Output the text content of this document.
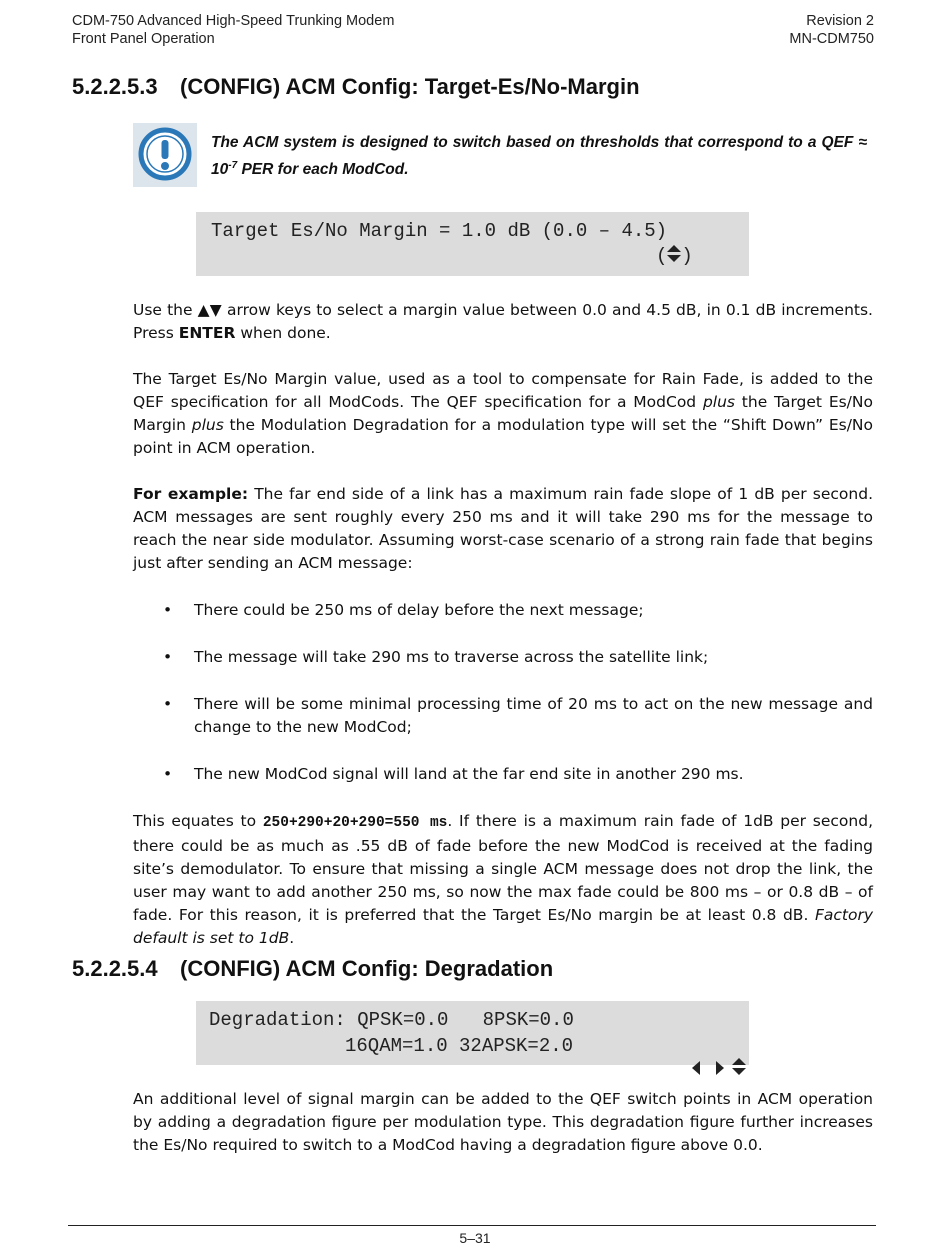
CDM-750 Advanced High-Speed Trunking Modem
Front Panel Operation
Revision 2
MN-CDM750
5.2.2.5.3 (CONFIG) ACM Config: Target-Es/No-Margin
The ACM system is designed to switch based on thresholds that correspond to a QEF ≈ $10^{-7}$ PER for each ModCod.
Target Es/No Margin = 1.0 dB (0.0 – 4.5)
( )

Use the ▲▼ arrow keys to select a margin value between 0.0 and 4.5 dB, in 0.1 dB increments. Press ENTER when done.

The Target Es/No Margin value, used as a tool to compensate for Rain Fade, is added to the QEF specification for all ModCods. The QEF specification for a ModCod plus the Target Es/No Margin plus the Modulation Degradation for a modulation type will set the “Shift Down” Es/No point in ACM operation.

For example: The far end side of a link has a maximum rain fade slope of 1 dB per second. ACM messages are sent roughly every 250 ms and it will take 290 ms for the message to reach the near side modulator. Assuming worst-case scenario of a strong rain fade that begins just after sending an ACM message:

• There could be 250 ms of delay before the next message;
• The message will take 290 ms to traverse across the satellite link;
• There will be some minimal processing time of 20 ms to act on the new message and change to the new ModCod;
• The new ModCod signal will land at the far end site in another 290 ms.

This equates to 250+290+20+290=550 ms. If there is a maximum rain fade of 1dB per second, there could be as much as .55 dB of fade before the new ModCod is received at the fading site’s demodulator. To ensure that missing a single ACM message does not drop the link, the user may want to add another 250 ms, so now the max fade could be 800 ms – or 0.8 dB – of fade. For this reason, it is preferred that the Target Es/No margin be at least 0.8 dB. Factory default is set to 1dB.

5.2.2.5.4 (CONFIG) ACM Config: Degradation
Degradation: QPSK=0.0   8PSK=0.0
16QAM=1.0 32APSK=2.0

An additional level of signal margin can be added to the QEF switch points in ACM operation by adding a degradation figure per modulation type. This degradation figure further increases the Es/No required to switch to a ModCod having a degradation figure above 0.0.

5–31
